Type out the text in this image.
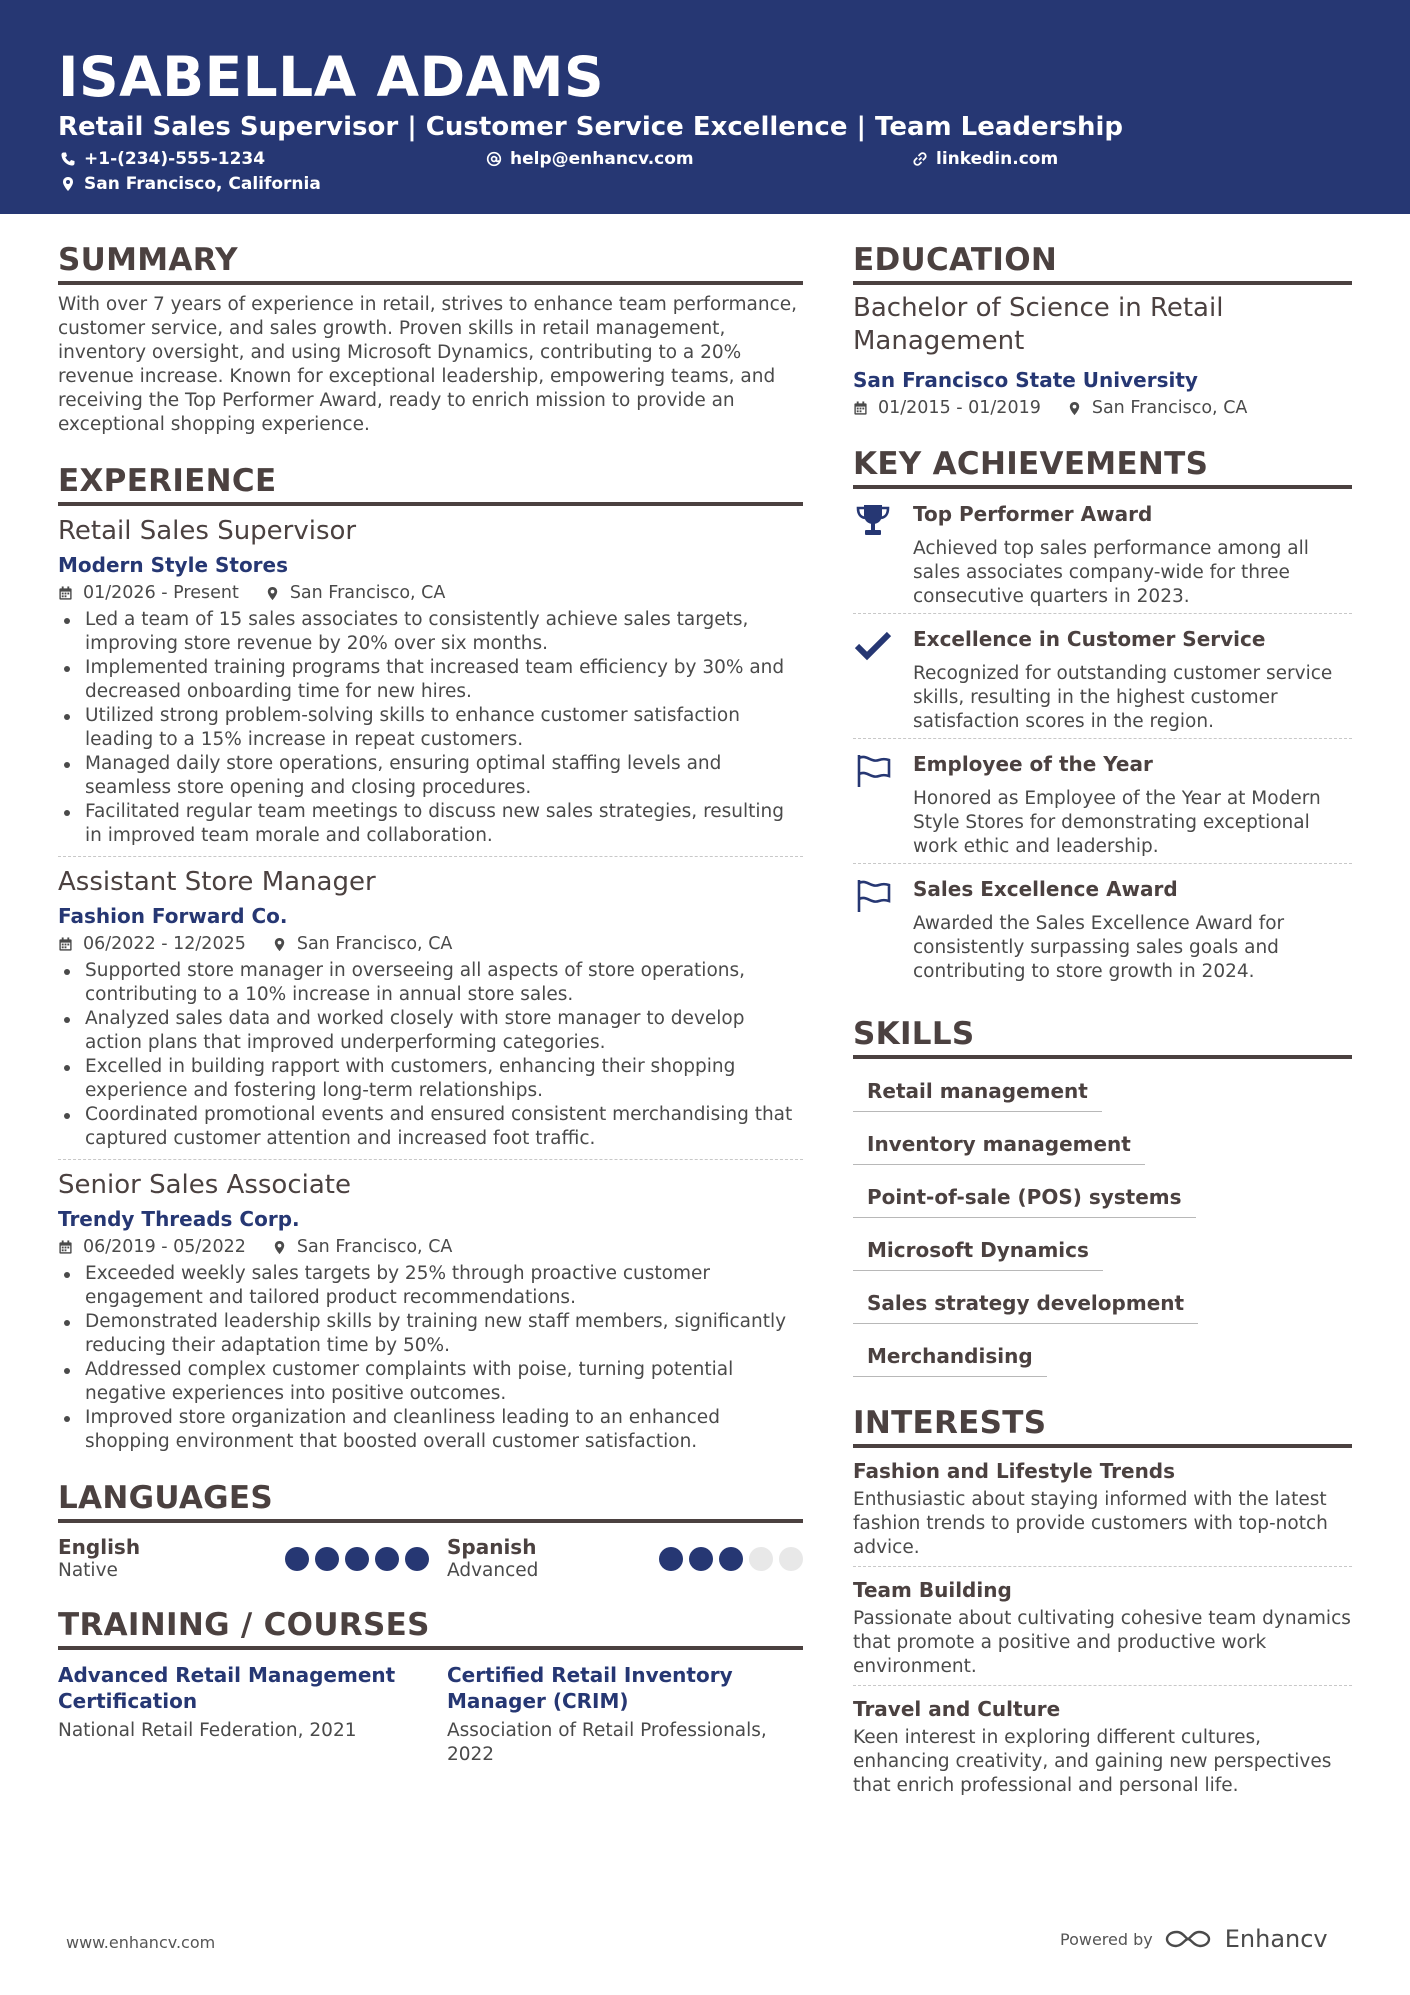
ISABELLA ADAMS
Retail Sales Supervisor | Customer Service Excellence | Team Leadership
+1-(234)-555-1234	help@enhancv.com	linkedin.com
San Francisco, California
SUMMARY

With over 7 years of experience in retail, strives to enhance team performance, customer service, and sales growth. Proven skills in retail management, inventory oversight, and using Microsoft Dynamics, contributing to a 20% revenue increase. Known for exceptional leadership, empowering teams, and receiving the Top Performer Award, ready to enrich mission to provide an exceptional shopping experience.

EXPERIENCE
Retail Sales Supervisor
Modern Style Stores
01/2026 - Present	San Francisco, CA
Led a team of 15 sales associates to consistently achieve sales targets, improving store revenue by 20% over six months.
Implemented training programs that increased team efficiency by 30% and decreased onboarding time for new hires.
Utilized strong problem-solving skills to enhance customer satisfaction leading to a 15% increase in repeat customers.
Managed daily store operations, ensuring optimal staffing levels and seamless store opening and closing procedures.
Facilitated regular team meetings to discuss new sales strategies, resulting in improved team morale and collaboration.
Assistant Store Manager
Fashion Forward Co.
06/2022 - 12/2025	San Francisco, CA
Supported store manager in overseeing all aspects of store operations, contributing to a 10% increase in annual store sales.
Analyzed sales data and worked closely with store manager to develop action plans that improved underperforming categories.
Excelled in building rapport with customers, enhancing their shopping experience and fostering long-term relationships.
Coordinated promotional events and ensured consistent merchandising that captured customer attention and increased foot traffic.
Senior Sales Associate
Trendy Threads Corp.
06/2019 - 05/2022	San Francisco, CA
Exceeded weekly sales targets by 25% through proactive customer engagement and tailored product recommendations.
Demonstrated leadership skills by training new staff members, significantly reducing their adaptation time by 50%.
Addressed complex customer complaints with poise, turning potential negative experiences into positive outcomes.
Improved store organization and cleanliness leading to an enhanced shopping environment that boosted overall customer satisfaction.
LANGUAGES
English
Native
Spanish
Advanced
TRAINING / COURSES
Advanced Retail Management Certification
National Retail Federation, 2021
Certified Retail Inventory Manager (CRIM)
Association of Retail Professionals, 2022
EDUCATION
Bachelor of Science in Retail Management
San Francisco State University
01/2015 - 01/2019	San Francisco, CA
KEY ACHIEVEMENTS
Top Performer Award
Achieved top sales performance among all sales associates company-wide for three consecutive quarters in 2023.
Excellence in Customer Service
Recognized for outstanding customer service skills, resulting in the highest customer satisfaction scores in the region.
Employee of the Year
Honored as Employee of the Year at Modern Style Stores for demonstrating exceptional work ethic and leadership.
Sales Excellence Award
Awarded the Sales Excellence Award for consistently surpassing sales goals and contributing to store growth in 2024.
SKILLS
Retail management
Inventory management
Point-of-sale (POS) systems
Microsoft Dynamics
Sales strategy development
Merchandising
INTERESTS
Fashion and Lifestyle Trends
Enthusiastic about staying informed with the latest fashion trends to provide customers with top-notch advice.
Team Building
Passionate about cultivating cohesive team dynamics that promote a positive and productive work environment.
Travel and Culture
Keen interest in exploring different cultures, enhancing creativity, and gaining new perspectives that enrich professional and personal life.
www.enhancv.com	Powered by	Enhancv
